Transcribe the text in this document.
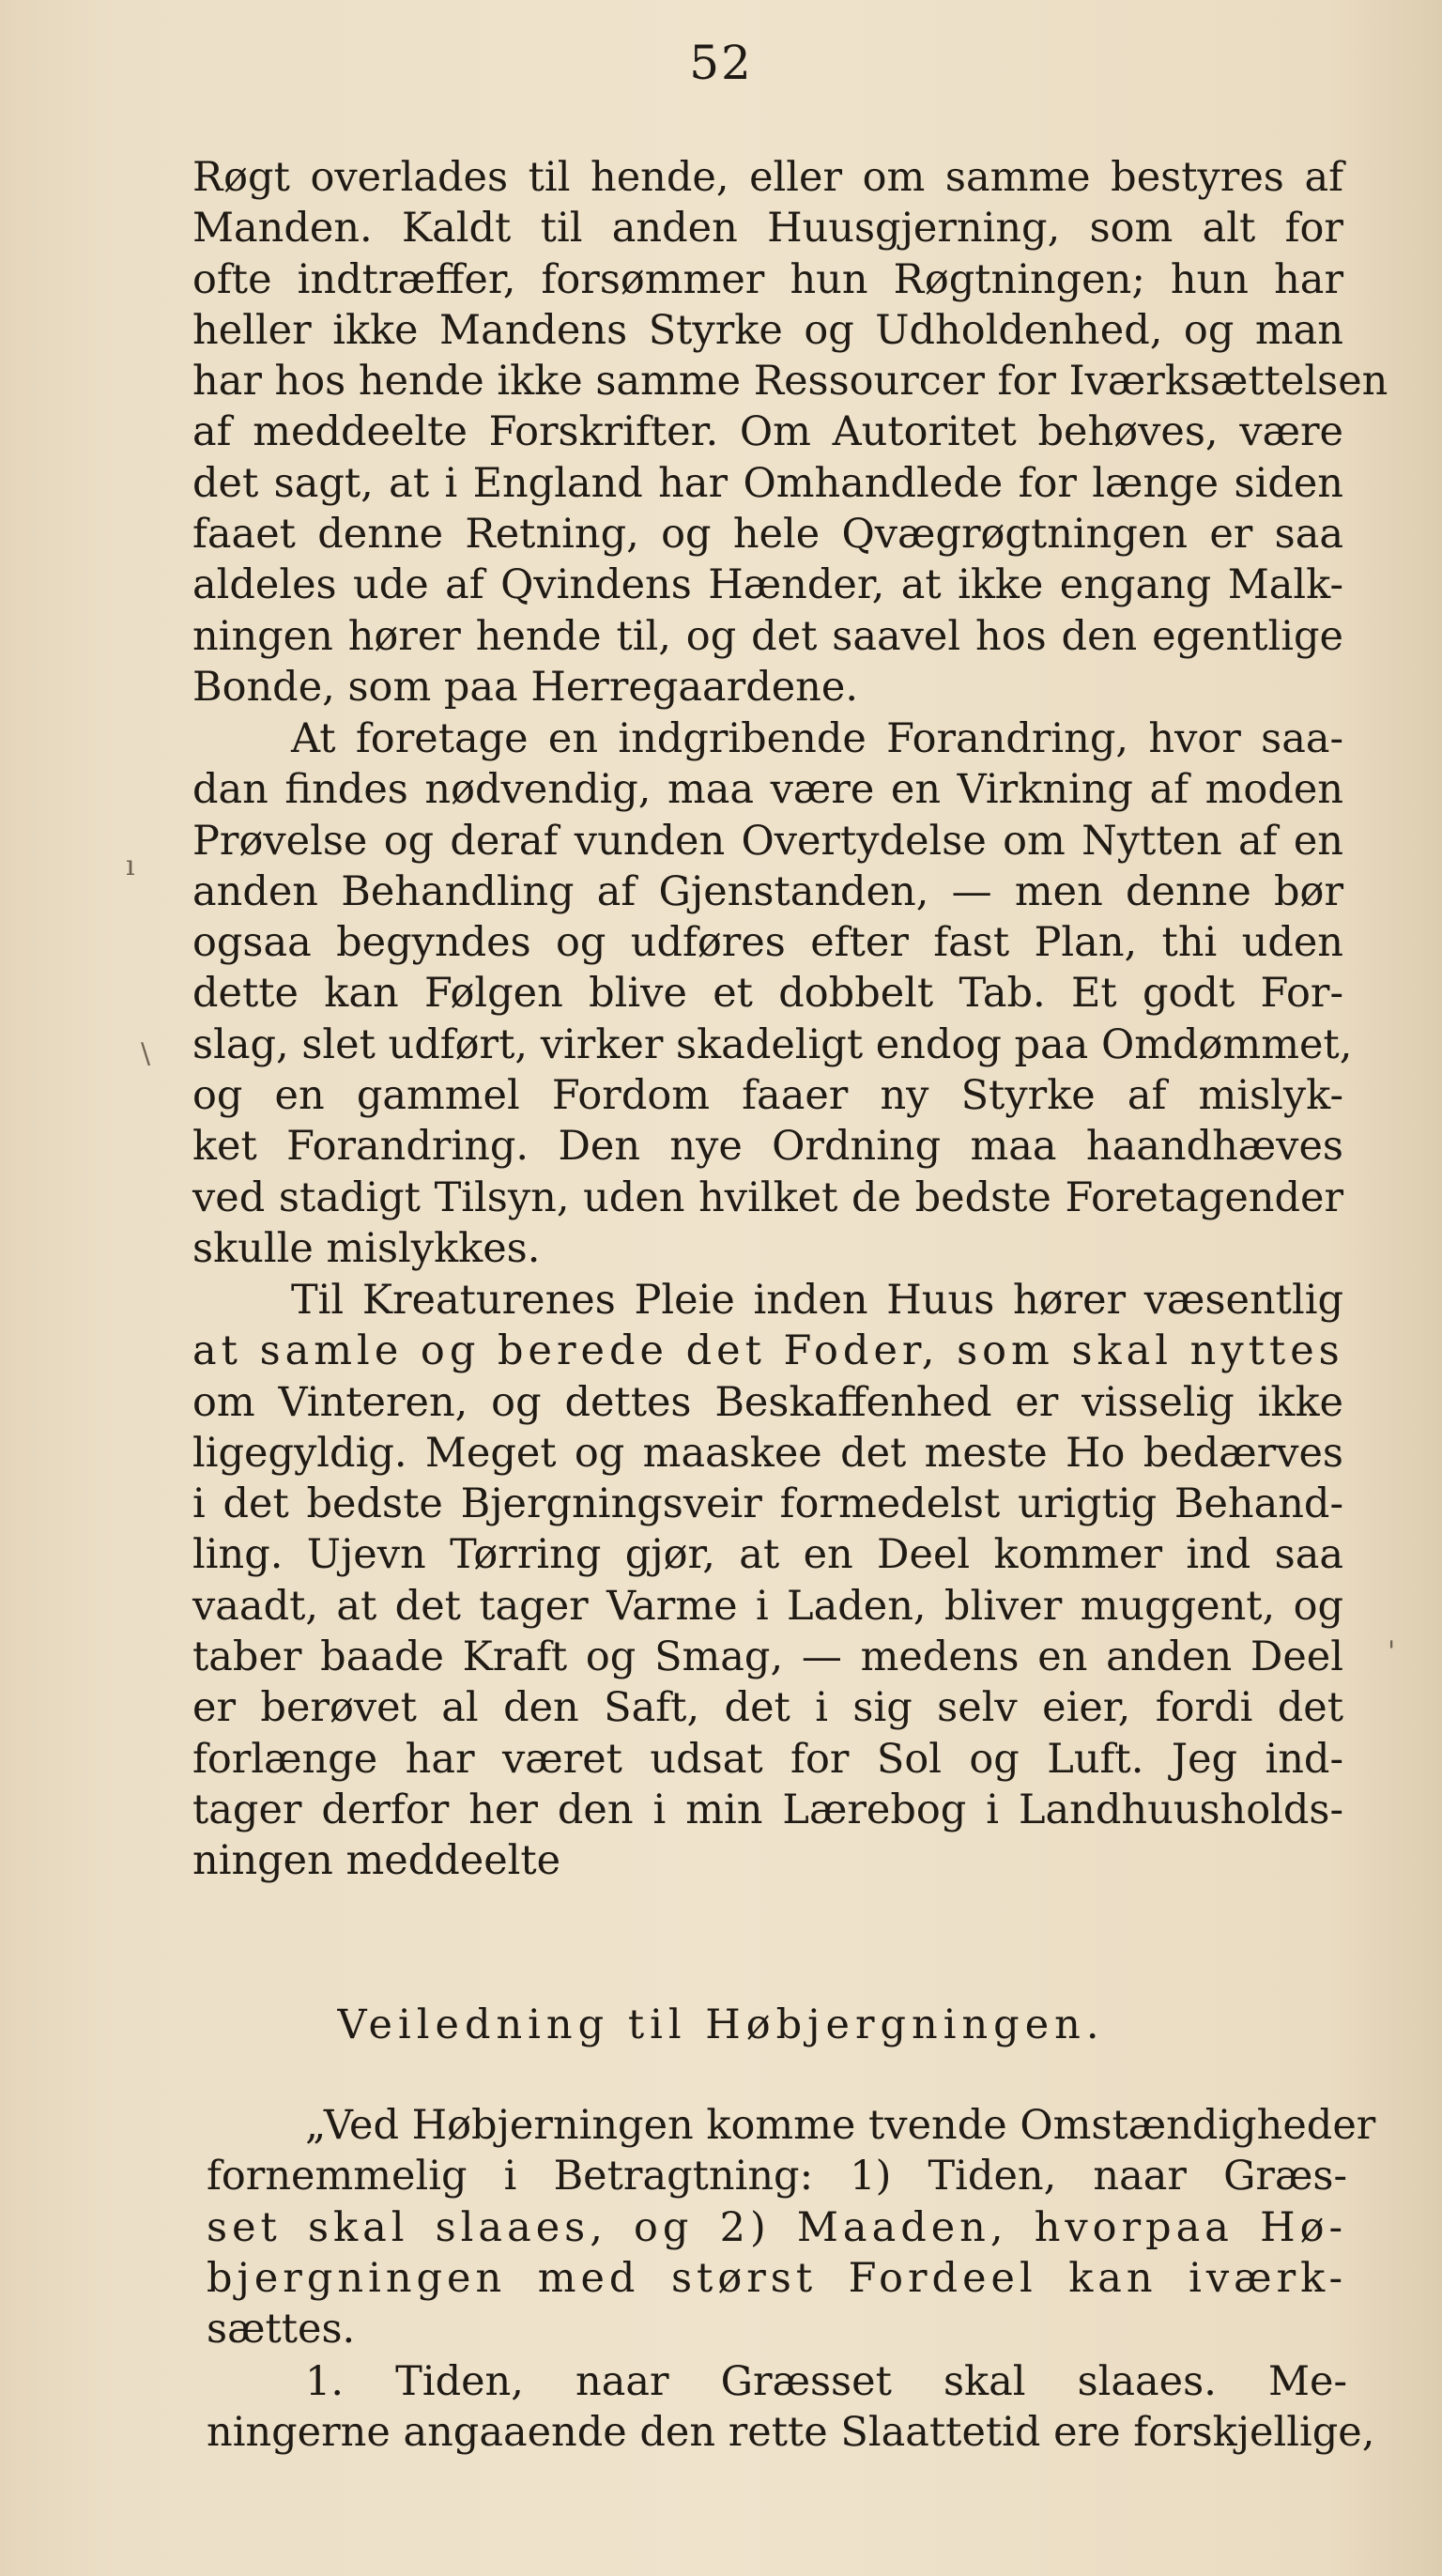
52
Røgt overlades til hende, eller om samme bestyres af
Manden. Kaldt til anden Huusgjerning, som alt for
ofte indtræffer, forsømmer hun Røgtningen; hun har
heller ikke Mandens Styrke og Udholdenhed, og man
har hos hende ikke samme Ressourcer for Iværksættelsen
af meddeelte Forskrifter. Om Autoritet behøves, være
det sagt, at i England har Omhandlede for længe siden
faaet denne Retning, og hele Qvægrøgtningen er saa
aldeles ude af Qvindens Hænder, at ikke engang Malk-
ningen hører hende til, og det saavel hos den egentlige
Bonde, som paa Herregaardene.
At foretage en indgribende Forandring, hvor saa-
dan findes nødvendig, maa være en Virkning af moden
Prøvelse og deraf vunden Overtydelse om Nytten af en
anden Behandling af Gjenstanden, — men denne bør
ogsaa begyndes og udføres efter fast Plan, thi uden
dette kan Følgen blive et dobbelt Tab. Et godt For-
slag, slet udført, virker skadeligt endog paa Omdømmet,
og en gammel Fordom faaer ny Styrke af mislyk-
ket Forandring. Den nye Ordning maa haandhæves
ved stadigt Tilsyn, uden hvilket de bedste Foretagender
skulle mislykkes.
Til Kreaturenes Pleie inden Huus hører væsentlig
at samle og berede det Foder, som skal nyttes
om Vinteren, og dettes Beskaffenhed er visselig ikke
ligegyldig. Meget og maaskee det meste Ho bedærves
i det bedste Bjergningsveir formedelst urigtig Behand-
ling. Ujevn Tørring gjør, at en Deel kommer ind saa
vaadt, at det tager Varme i Laden, bliver muggent, og
taber baade Kraft og Smag, — medens en anden Deel
er berøvet al den Saft, det i sig selv eier, fordi det
forlænge har været udsat for Sol og Luft. Jeg ind-
tager derfor her den i min Lærebog i Landhuusholds-
ningen meddeelte
Veiledning til Høbjergningen.
„Ved Høbjerningen komme tvende Omstændigheder
fornemmelig i Betragtning: 1) Tiden, naar Græs-
set skal slaaes, og 2) Maaden, hvorpaa Hø-
bjergningen med størst Fordeel kan iværk-
sættes.
1. Tiden, naar Græsset skal slaaes. Me-
ningerne angaaende den rette Slaattetid ere forskjellige,
ı
\
'
